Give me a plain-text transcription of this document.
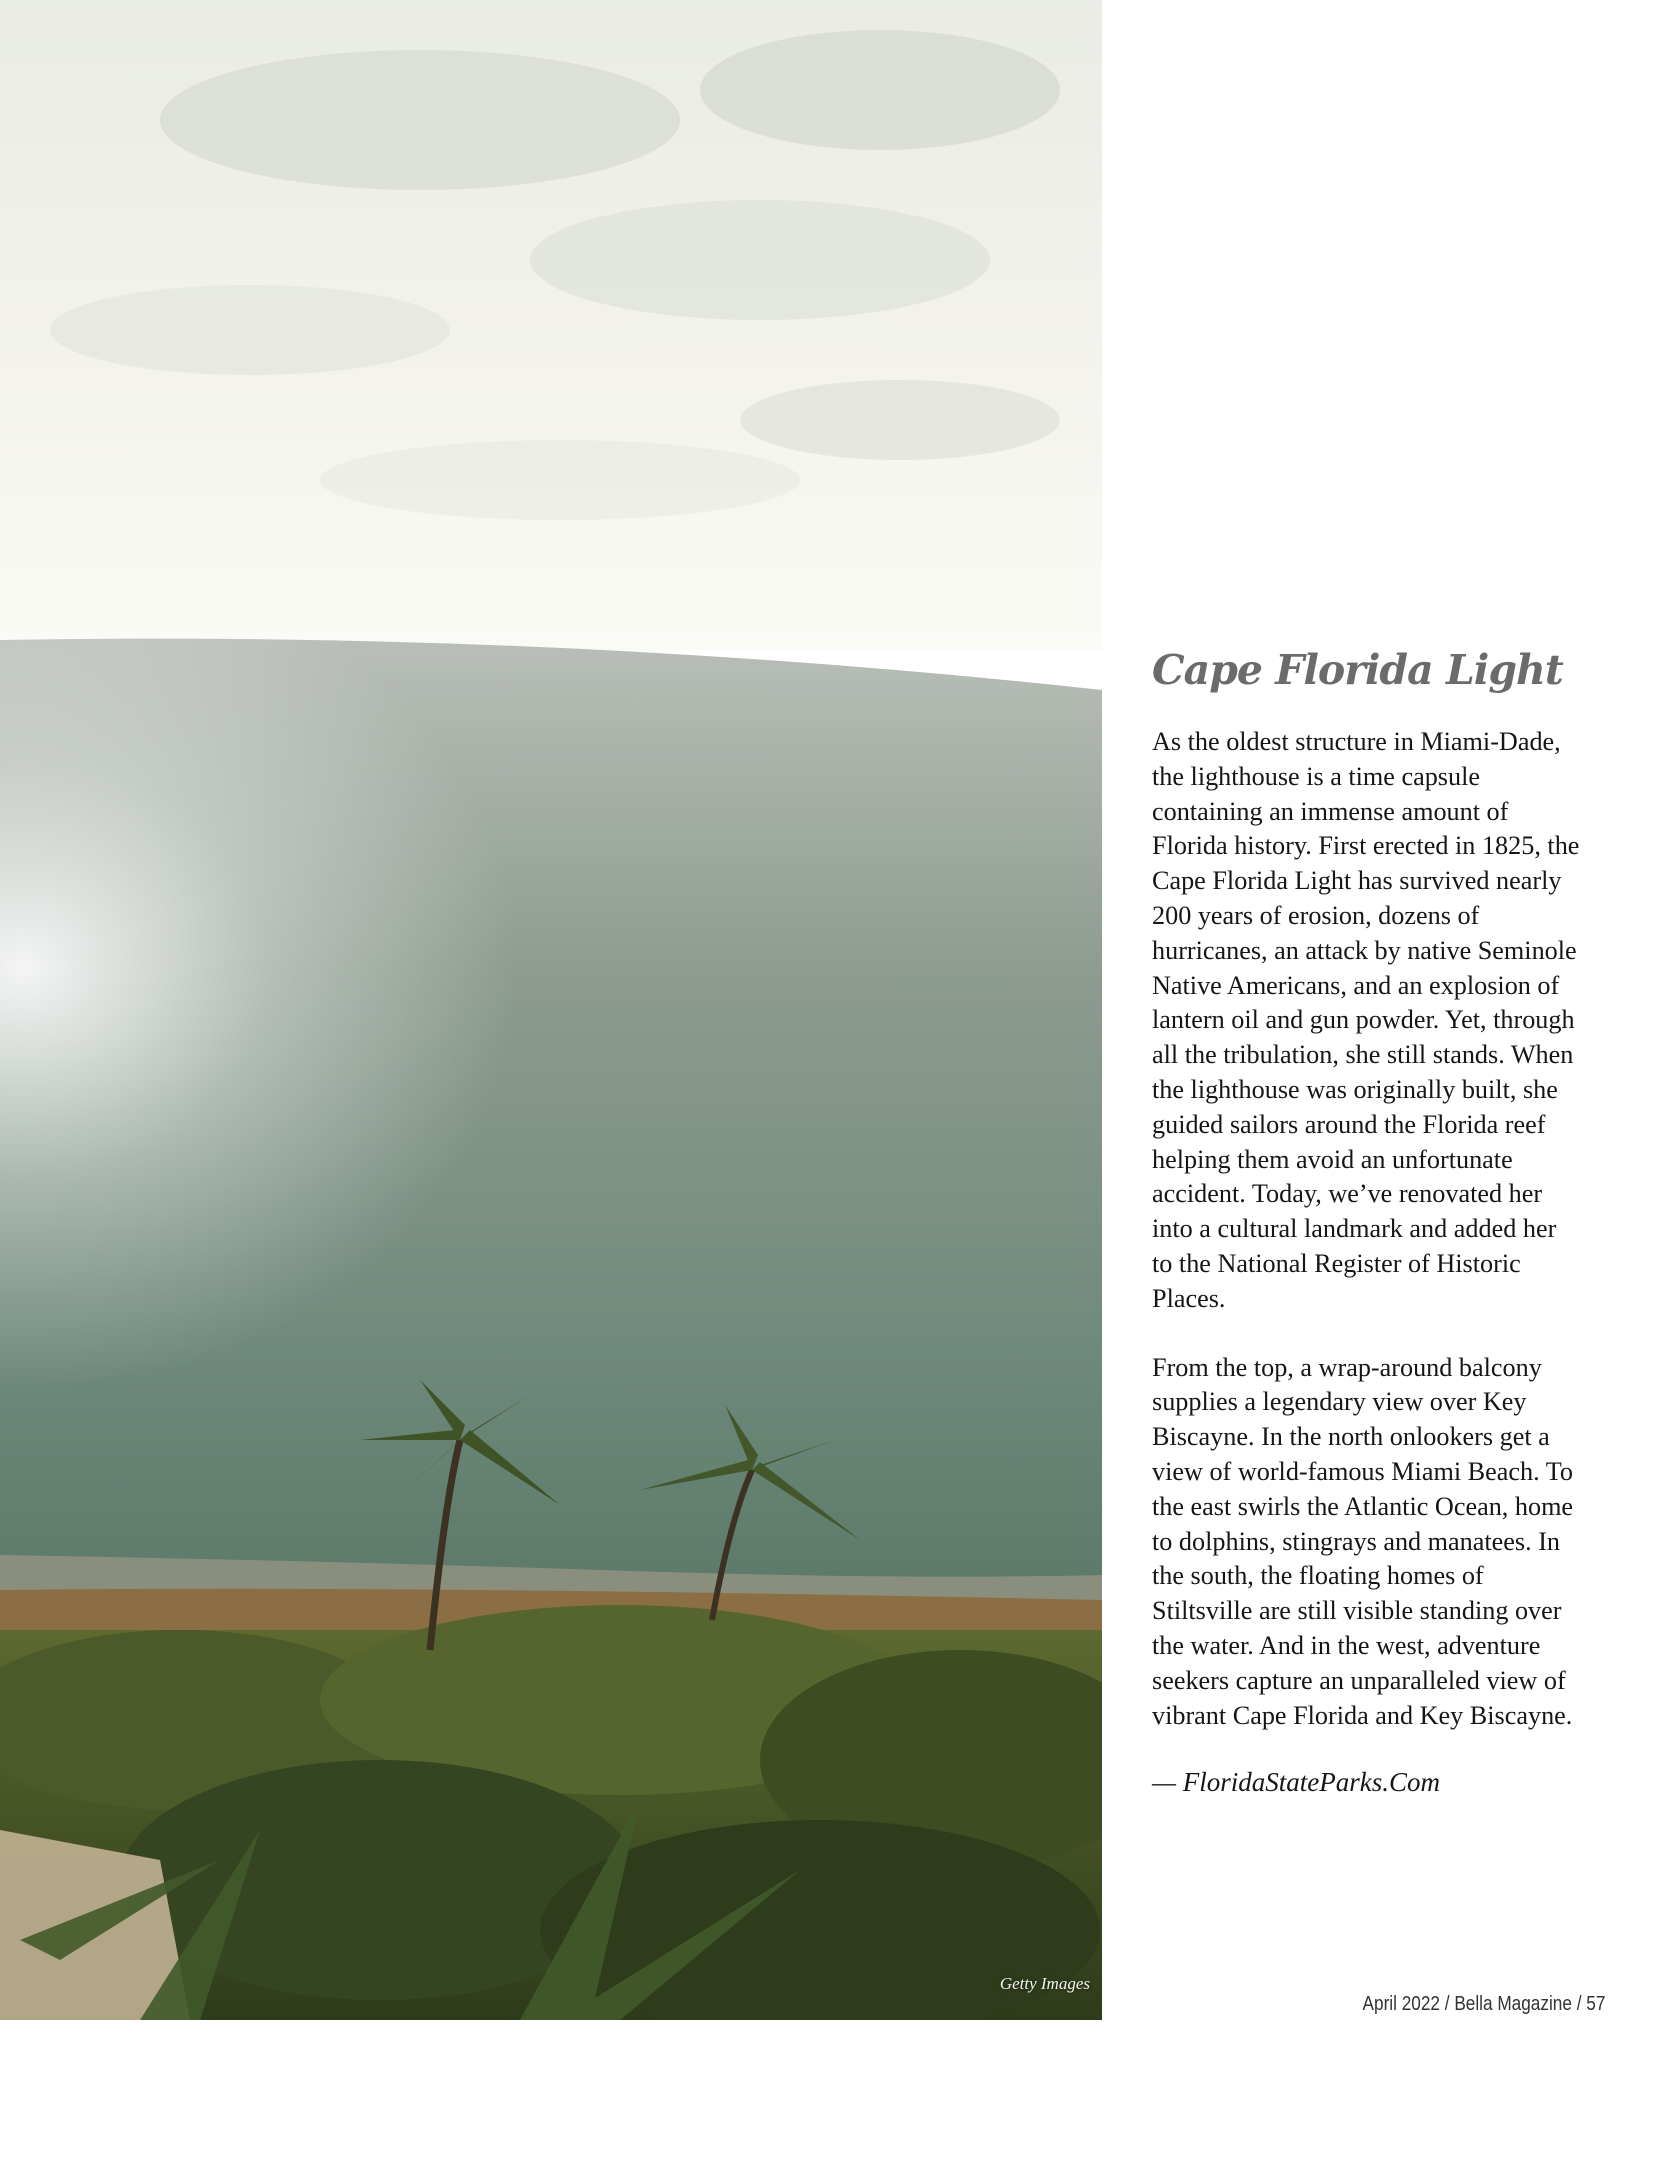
Getty Images
Cape Florida Light

As the oldest structure in Miami-Dade, the lighthouse is a time capsule containing an immense amount of Florida history. First erected in 1825, the Cape Florida Light has survived nearly 200 years of erosion, dozens of hurricanes, an attack by native Seminole Native Americans, and an explosion of lantern oil and gun powder. Yet, through all the tribulation, she still stands. When the lighthouse was originally built, she guided sailors around the Florida reef helping them avoid an unfortunate accident. Today, we’ve renovated her into a cultural landmark and added her to the National Register of Historic Places.

From the top, a wrap-around balcony supplies a legendary view over Key Biscayne. In the north onlookers get a view of world-famous Miami Beach. To the east swirls the Atlantic Ocean, home to dolphins, stingrays and manatees. In the south, the floating homes of Stiltsville are still visible standing over the water. And in the west, adventure seekers capture an unparalleled view of vibrant Cape Florida and Key Biscayne.

— FloridaStateParks.Com

April 2022 / Bella Magazine / 57
